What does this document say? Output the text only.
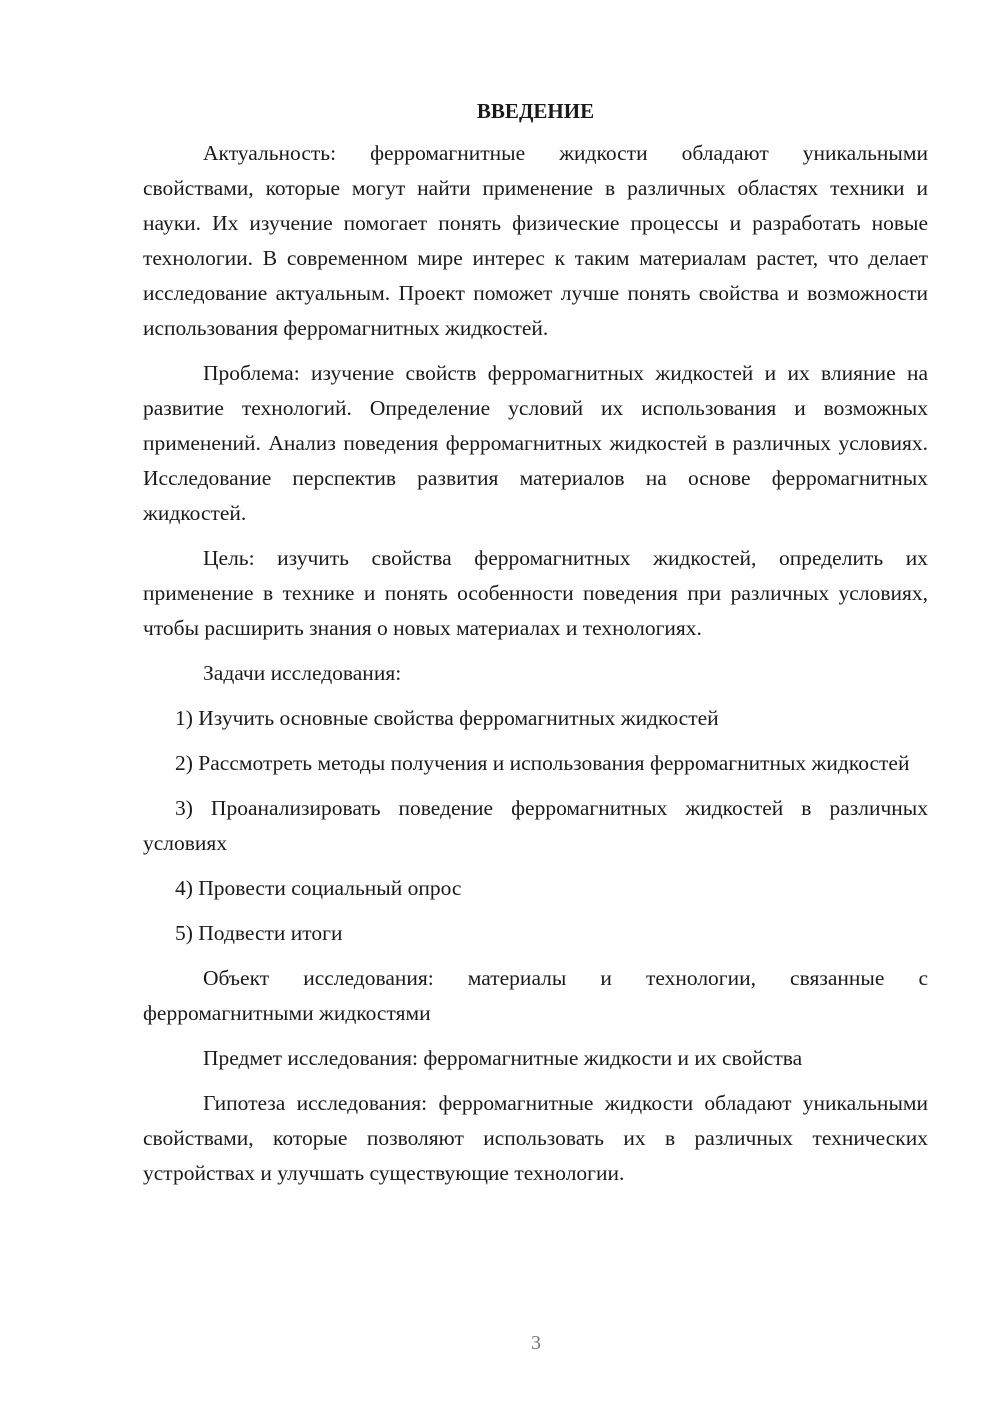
ВВЕДЕНИЕ

Актуальность: ферромагнитные жидкости обладают уникальными свойствами, которые могут найти применение в различных областях техники и науки. Их изучение помогает понять физические процессы и разработать новые технологии. В современном мире интерес к таким материалам растет, что делает исследование актуальным. Проект поможет лучше понять свойства и возможности использования ферромагнитных жидкостей.

Проблема: изучение свойств ферромагнитных жидкостей и их влияние на развитие технологий. Определение условий их использования и возможных применений. Анализ поведения ферромагнитных жидкостей в различных условиях. Исследование перспектив развития материалов на основе ферромагнитных жидкостей.

Цель: изучить свойства ферромагнитных жидкостей, определить их применение в технике и понять особенности поведения при различных условиях, чтобы расширить знания о новых материалах и технологиях.

Задачи исследования:

1) Изучить основные свойства ферромагнитных жидкостей

2) Рассмотреть методы получения и использования ферромагнитных жидкостей

3) Проанализировать поведение ферромагнитных жидкостей в различных условиях

4) Провести социальный опрос

5) Подвести итоги

Объект исследования: материалы и технологии, связанные с ферромагнитными жидкостями

Предмет исследования: ферромагнитные жидкости и их свойства

Гипотеза исследования: ферромагнитные жидкости обладают уникальными свойствами, которые позволяют использовать их в различных технических устройствах и улучшать существующие технологии.

3
